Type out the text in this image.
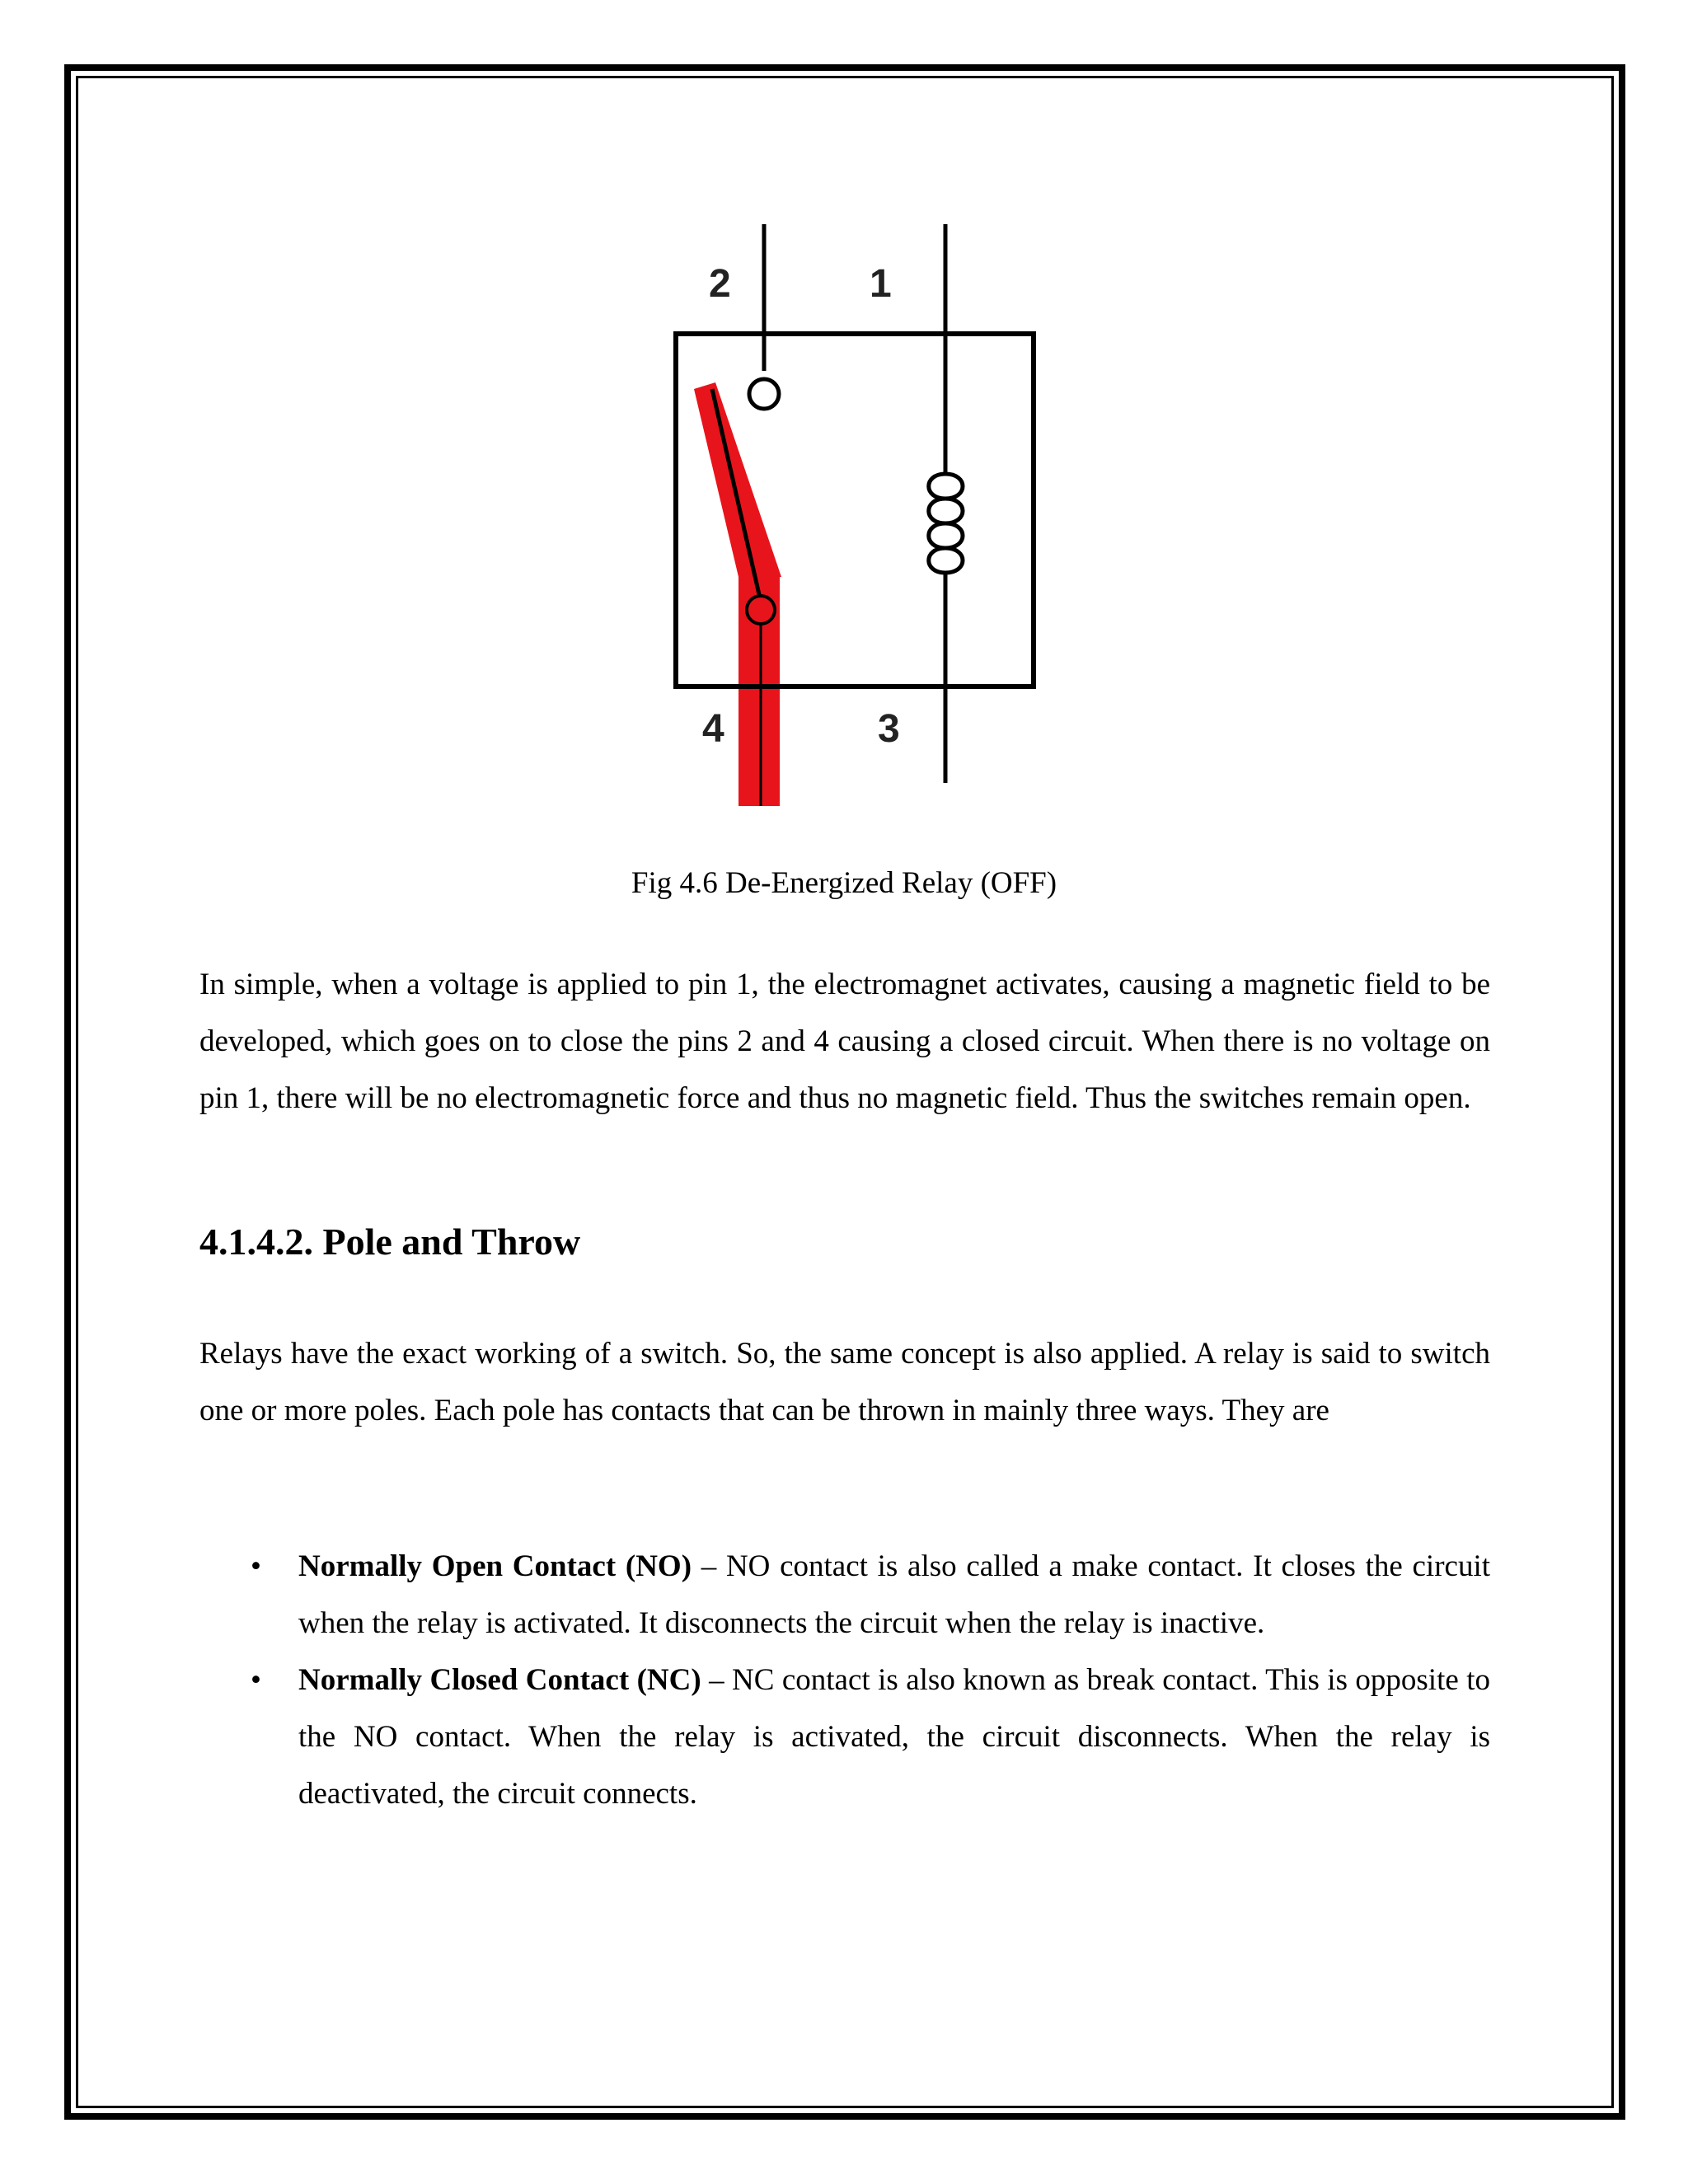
2	1
4	3
Fig 4.6 De-Energized Relay (OFF)

In simple, when a voltage is applied to pin 1, the electromagnet activates, causing a magnetic field to be developed, which goes on to close the pins 2 and 4 causing a closed circuit. When there is no voltage on pin 1, there will be no electromagnetic force and thus no magnetic field. Thus the switches remain open.

4.1.4.2. Pole and Throw

Relays have the exact working of a switch. So, the same concept is also applied. A relay is said to switch one or more poles. Each pole has contacts that can be thrown in mainly three ways. They are

• Normally Open Contact (NO) – NO contact is also called a make contact. It closes the circuit when the relay is activated. It disconnects the circuit when the relay is inactive.
• Normally Closed Contact (NC) – NC contact is also known as break contact. This is opposite to the NO contact. When the relay is activated, the circuit disconnects. When the relay is deactivated, the circuit connects.
